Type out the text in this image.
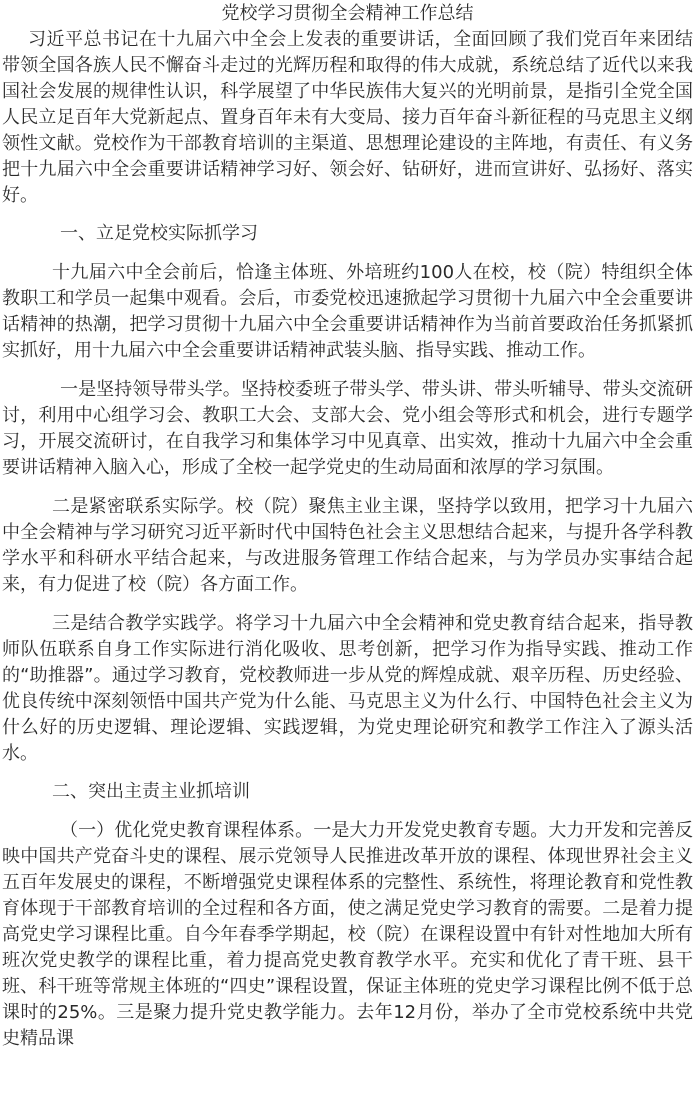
党校学习贯彻全会精神工作总结

习近平总书记在十九届六中全会上发表的重要讲话，全面回顾了我们党百年来团结带领全国各族人民不懈奋斗走过的光辉历程和取得的伟大成就，系统总结了近代以来我国社会发展的规律性认识，科学展望了中华民族伟大复兴的光明前景，是指引全党全国人民立足百年大党新起点、置身百年未有大变局、接力百年奋斗新征程的马克思主义纲领性文献。党校作为干部教育培训的主渠道、思想理论建设的主阵地，有责任、有义务把十九届六中全会重要讲话精神学习好、领会好、钻研好，进而宣讲好、弘扬好、落实好。

一、立足党校实际抓学习

十九届六中全会前后，恰逢主体班、外培班约100人在校，校（院）特组织全体教职工和学员一起集中观看。会后，市委党校迅速掀起学习贯彻十九届六中全会重要讲话精神的热潮，把学习贯彻十九届六中全会重要讲话精神作为当前首要政治任务抓紧抓实抓好，用十九届六中全会重要讲话精神武装头脑、指导实践、推动工作。

一是坚持领导带头学。坚持校委班子带头学、带头讲、带头听辅导、带头交流研讨，利用中心组学习会、教职工大会、支部大会、党小组会等形式和机会，进行专题学习，开展交流研讨，在自我学习和集体学习中见真章、出实效，推动十九届六中全会重要讲话精神入脑入心，形成了全校一起学党史的生动局面和浓厚的学习氛围。

二是紧密联系实际学。校（院）聚焦主业主课，坚持学以致用，把学习十九届六中全会精神与学习研究习近平新时代中国特色社会主义思想结合起来，与提升各学科教学水平和科研水平结合起来，与改进服务管理工作结合起来，与为学员办实事结合起来，有力促进了校（院）各方面工作。

三是结合教学实践学。将学习十九届六中全会精神和党史教育结合起来，指导教师队伍联系自身工作实际进行消化吸收、思考创新，把学习作为指导实践、推动工作的“助推器”。通过学习教育，党校教师进一步从党的辉煌成就、艰辛历程、历史经验、优良传统中深刻领悟中国共产党为什么能、马克思主义为什么行、中国特色社会主义为什么好的历史逻辑、理论逻辑、实践逻辑，为党史理论研究和教学工作注入了源头活水。

二、突出主责主业抓培训

（一）优化党史教育课程体系。一是大力开发党史教育专题。大力开发和完善反映中国共产党奋斗史的课程、展示党领导人民推进改革开放的课程、体现世界社会主义五百年发展史的课程，不断增强党史课程体系的完整性、系统性，将理论教育和党性教育体现于干部教育培训的全过程和各方面，使之满足党史学习教育的需要。二是着力提高党史学习课程比重。自今年春季学期起，校（院）在课程设置中有针对性地加大所有班次党史教学的课程比重，着力提高党史教育教学水平。充实和优化了青干班、县干班、科干班等常规主体班的“四史”课程设置，保证主体班的党史学习课程比例不低于总课时的25%。三是聚力提升党史教学能力。去年12月份，举办了全市党校系统中共党史精品课
